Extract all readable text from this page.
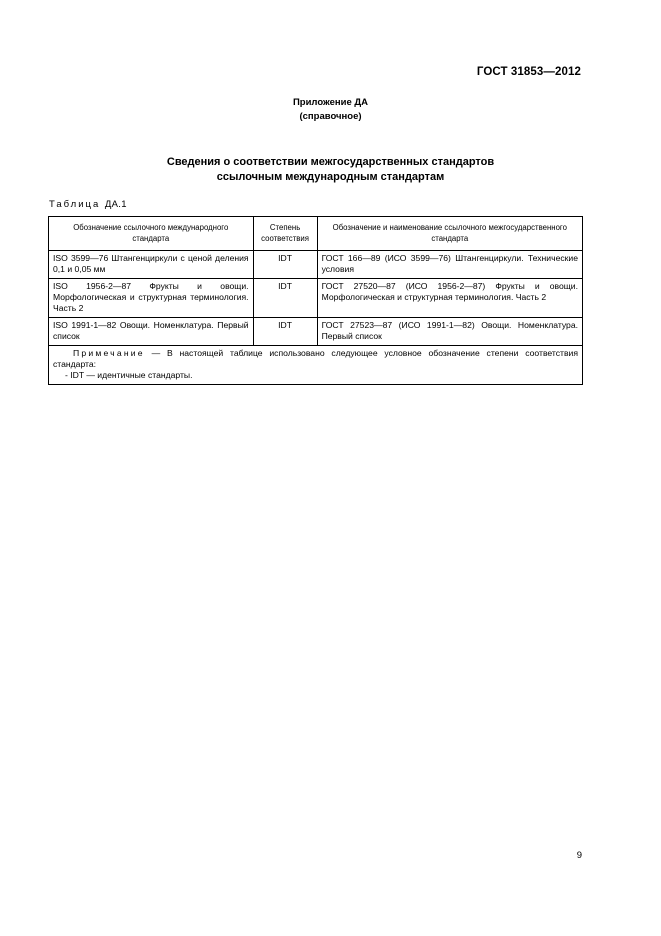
ГОСТ 31853—2012
Приложение ДА
(справочное)
Сведения о соответствии межгосударственных стандартов
ссылочным международным стандартам
Таблица ДА.1
Обозначение ссылочного международного стандарта	Степень соответствия	Обозначение и наименование ссылочного межгосударственного стандарта
ISO 3599—76 Штангенциркули с ценой деления 0,1 и 0,05 мм	IDT	ГОСТ 166—89 (ИСО 3599—76) Штангенциркули. Технические условия
ISO 1956-2—87 Фрукты и овощи. Морфологическая и структурная терминология. Часть 2	IDT	ГОСТ 27520—87 (ИСО 1956-2—87) Фрукты и овощи. Морфологическая и структурная терминология. Часть 2
ISO 1991-1—82 Овощи. Номенклатура. Первый список	IDT	ГОСТ 27523—87 (ИСО 1991-1—82) Овощи. Номенклатура. Первый список

Примечание — В настоящей таблице использовано следующее условное обозначение степени соответствия стандарта:
- IDT — идентичные стандарты.		
9
